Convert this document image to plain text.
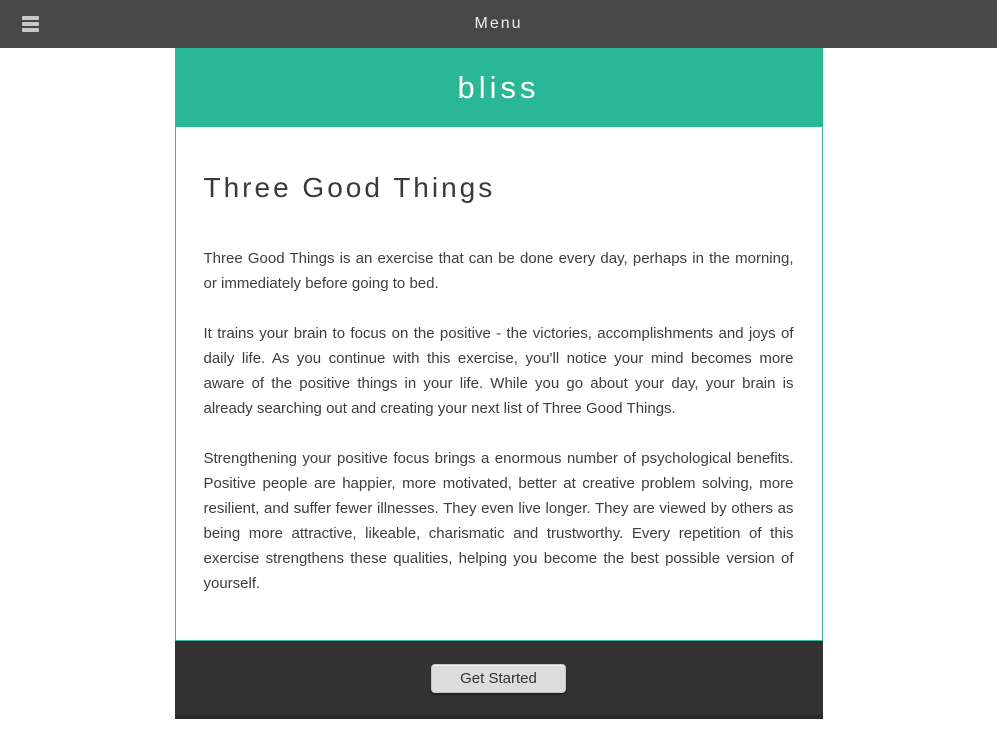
Menu
bliss
Three Good Things

Three Good Things is an exercise that can be done every day, perhaps in the morning, or immediately before going to bed.

It trains your brain to focus on the positive - the victories, accomplishments and joys of daily life. As you continue with this exercise, you'll notice your mind becomes more aware of the positive things in your life. While you go about your day, your brain is already searching out and creating your next list of Three Good Things.

Strengthening your positive focus brings a enormous number of psychological benefits. Positive people are happier, more motivated, better at creative problem solving, more resilient, and suffer fewer illnesses. They even live longer. They are viewed by others as being more attractive, likeable, charismatic and trustworthy. Every repetition of this exercise strengthens these qualities, helping you become the best possible version of yourself.

Get Started
